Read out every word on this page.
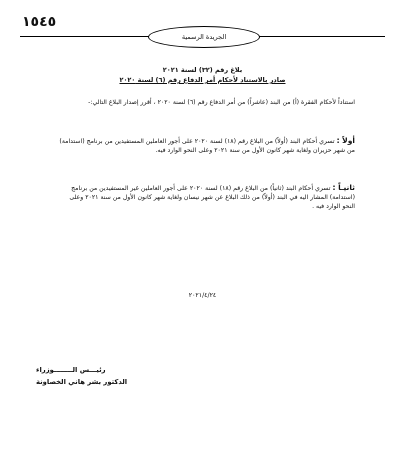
١٥٤٥
الجريدة الرسمية
بلاغ رقم (٣٢) لسنة ٢٠٢١
صادر بالاستناد لأحكام أمر الدفاع رقم (٦) لسنة ٢٠٢٠
استناداً لأحكام الفقرة (أ) من البند (عاشراً) من أمر الدفاع رقم (٦) لسنة ٢٠٢٠ ، أقرر إصدار البلاغ التالي:-
أولاً : تسري أحكام البند (أولاً) من البلاغ رقم (١٨) لسنة ٢٠٢٠ على أجور العاملين المستفيدين من برنامج (استدامة) من شهر حزيران ولغاية شهر كانون الأول من سنة ٢٠٢١ وعلى النحو الوارد فيه.
ثانيـاً : تسري أحكام البند (ثانياً) من البلاغ رقم (١٨) لسنة ٢٠٢٠ على أجور العاملين غير المستفيدين من برنامج (استدامة) المشار اليه في البند (أولاً) من ذلك البلاغ عن شهر نيسان ولغاية شهر كانون الأول من سنة ٢٠٢١ وعلى النحو الوارد فيه .
٢٠٢١/٤/٢٤
رئيـــس الــــــــوزراء
الدكتور بشر هاني الخصاونة
